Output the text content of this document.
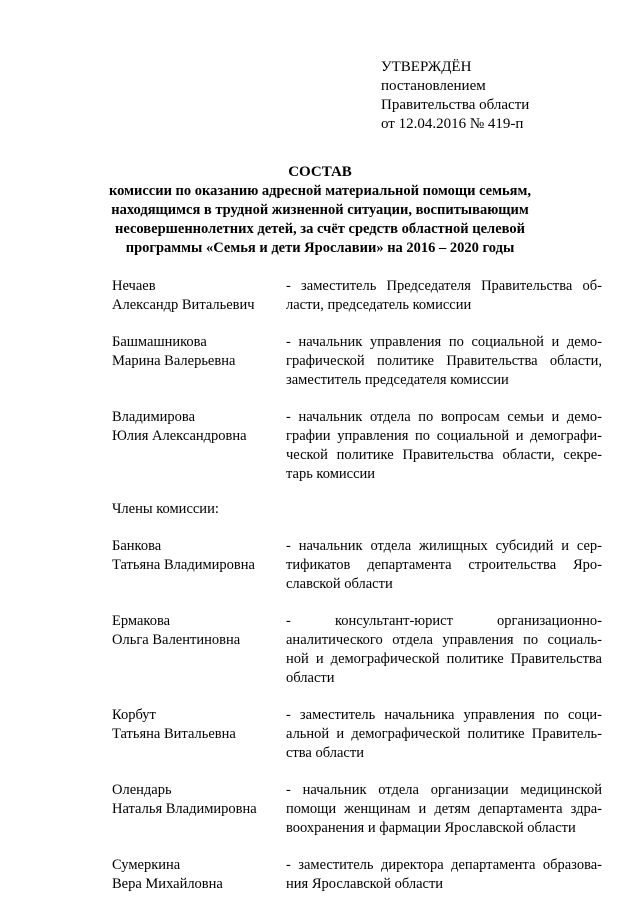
УТВЕРЖДЁН
постановлением
Правительства области
от 12.04.2016 № 419-п
СОСТАВ
комиссии по оказанию адресной материальной помощи семьям,
находящимся в трудной жизненной ситуации, воспитывающим
несовершеннолетних детей, за счёт средств областной целевой
программы «Семья и дети Ярославии» на 2016 – 2020 годы
Нечаев
Александр Витальевич
- заместитель Председателя Правительства об-
ласти, председатель комиссии
Башмашникова
Марина Валерьевна
- начальник управления по социальной и демо-
графической политике Правительства области,
заместитель председателя комиссии
Владимирова
Юлия Александровна
- начальник отдела по вопросам семьи и демо-
графии управления по социальной и демографи-
ческой политике Правительства области, секре-
тарь комиссии
Члены комиссии:
Банкова
Татьяна Владимировна
- начальник отдела жилищных субсидий и сер-
тификатов департамента строительства Яро-
славской области
Ермакова
Ольга Валентиновна
- консультант-юрист организационно-
аналитического отдела управления по социаль-
ной и демографической политике Правительства
области
Корбут
Татьяна Витальевна
- заместитель начальника управления по соци-
альной и демографической политике Правитель-
ства области
Олендарь
Наталья Владимировна
- начальник отдела организации медицинской
помощи женщинам и детям департамента здра-
воохранения и фармации Ярославской области
Сумеркина
Вера Михайловна
- заместитель директора департамента образова-
ния Ярославской области
